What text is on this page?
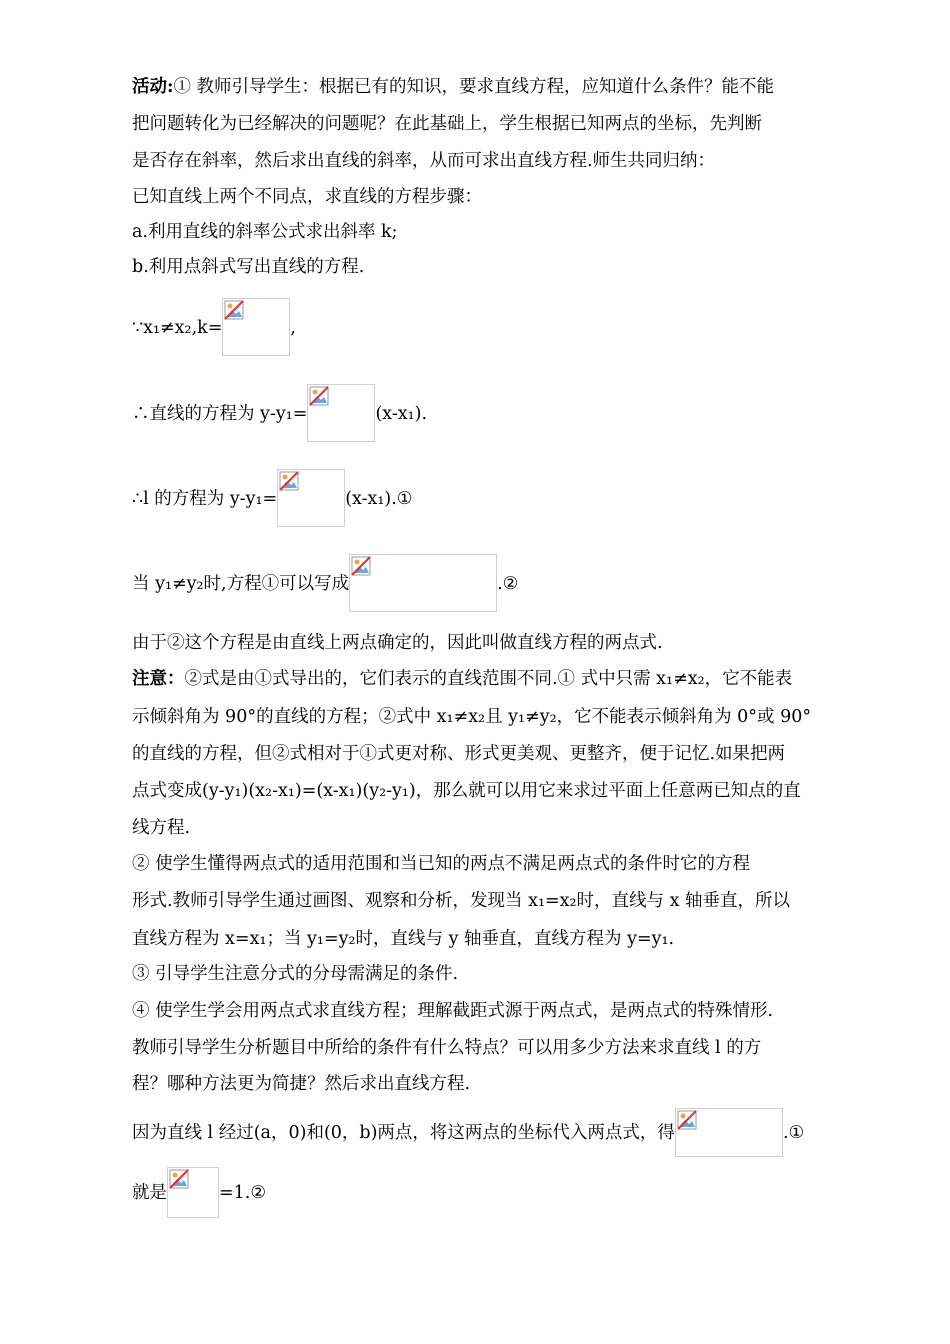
活动:① 教师引导学生：根据已有的知识，要求直线方程，应知道什么条件？能不能
把问题转化为已经解决的问题呢？在此基础上，学生根据已知两点的坐标，先判断
是否存在斜率，然后求出直线的斜率，从而可求出直线方程.师生共同归纳：
已知直线上两个不同点，求直线的方程步骤：
a.利用直线的斜率公式求出斜率 k;
b.利用点斜式写出直线的方程.
∵x₁≠x₂,k=	,
∴直线的方程为 y-y₁=	(x-x₁).
∴l 的方程为 y-y₁=	(x-x₁).①
当 y₁≠y₂时,方程①可以写成	.②
由于②这个方程是由直线上两点确定的，因此叫做直线方程的两点式.
注意：②式是由①式导出的，它们表示的直线范围不同.① 式中只需 x₁≠x₂，它不能表
示倾斜角为 90°的直线的方程；②式中 x₁≠x₂且 y₁≠y₂，它不能表示倾斜角为 0°或 90°
的直线的方程，但②式相对于①式更对称、形式更美观、更整齐，便于记忆.如果把两
点式变成(y-y₁)(x₂-x₁)=(x-x₁)(y₂-y₁)，那么就可以用它来求过平面上任意两已知点的直
线方程.
② 使学生懂得两点式的适用范围和当已知的两点不满足两点式的条件时它的方程
形式.教师引导学生通过画图、观察和分析，发现当 x₁=x₂时，直线与 x 轴垂直，所以
直线方程为 x=x₁；当 y₁=y₂时，直线与 y 轴垂直，直线方程为 y=y₁.
③ 引导学生注意分式的分母需满足的条件.
④ 使学生学会用两点式求直线方程；理解截距式源于两点式，是两点式的特殊情形.
教师引导学生分析题目中所给的条件有什么特点？可以用多少方法来求直线 l 的方
程？哪种方法更为简捷？然后求出直线方程.
因为直线 l 经过(a，0)和(0，b)两点，将这两点的坐标代入两点式，得	.①
就是	=1.②
